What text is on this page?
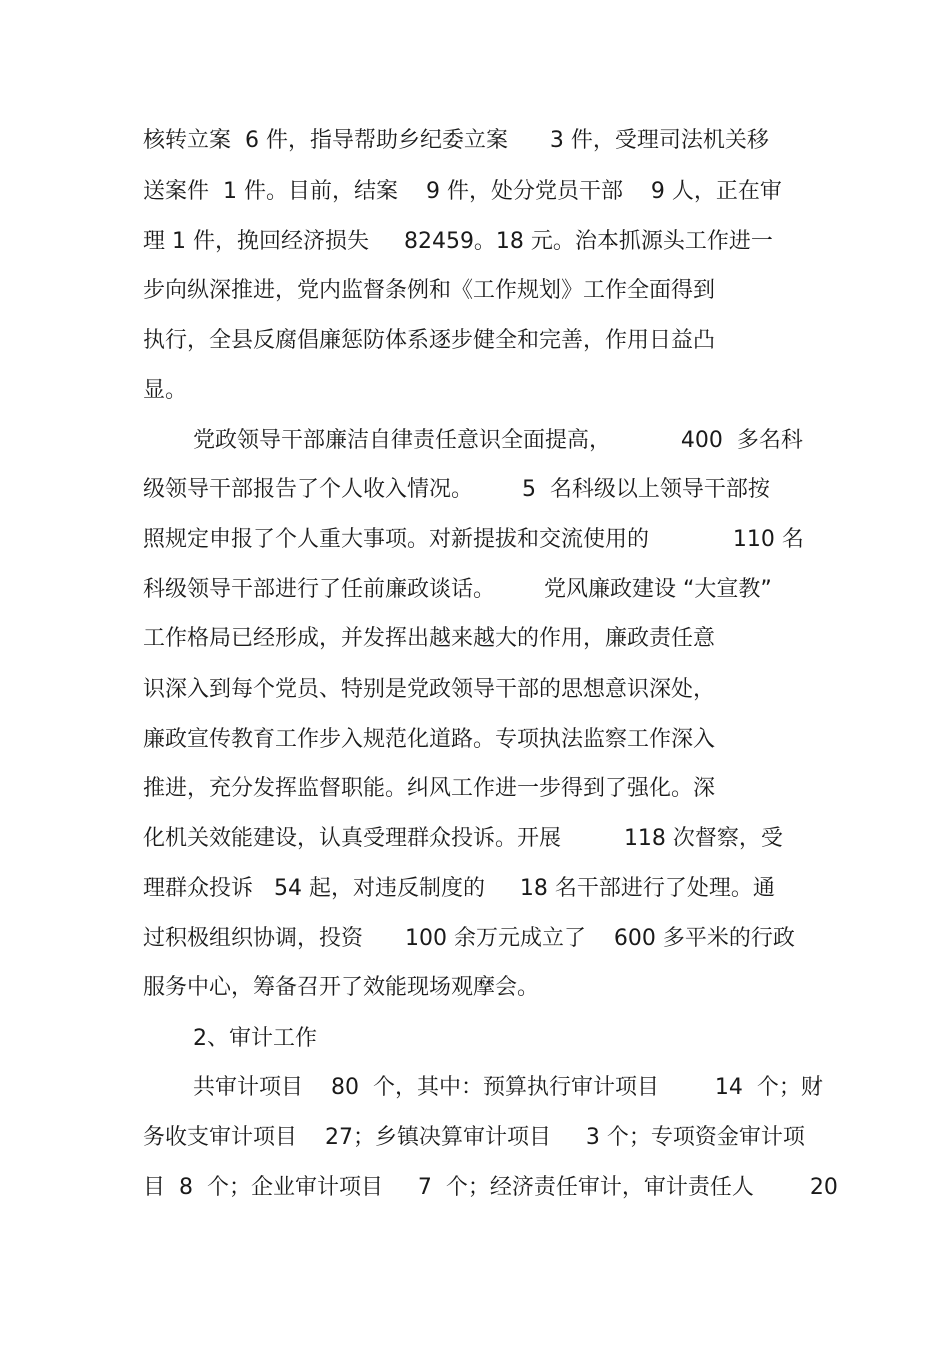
核转立案  6 件，指导帮助乡纪委立案      3 件，受理司法机关移
送案件  1 件。目前，结案    9 件，处分党员干部    9 人，正在审
理 1 件，挽回经济损失     82459。18 元。治本抓源头工作进一
步向纵深推进，党内监督条例和《工作规划》工作全面得到
执行，全县反腐倡廉惩防体系逐步健全和完善，作用日益凸
显。
党政领导干部廉洁自律责任意识全面提高，          400  多名科
级领导干部报告了个人收入情况。       5  名科级以上领导干部按
照规定申报了个人重大事项。对新提拔和交流使用的            110 名
科级领导干部进行了任前廉政谈话。       党风廉政建设 “大宣教”
工作格局已经形成，并发挥出越来越大的作用，廉政责任意
识深入到每个党员、特别是党政领导干部的思想意识深处，
廉政宣传教育工作步入规范化道路。专项执法监察工作深入
推进，充分发挥监督职能。纠风工作进一步得到了强化。深
化机关效能建设，认真受理群众投诉。开展         118 次督察，受
理群众投诉   54 起，对违反制度的     18 名干部进行了处理。通
过积极组织协调，投资      100 余万元成立了    600 多平米的行政
服务中心，筹备召开了效能现场观摩会。
2、审计工作
共审计项目    80  个，其中：预算执行审计项目        14  个；财
务收支审计项目    27；乡镇决算审计项目     3 个；专项资金审计项
目  8  个；企业审计项目     7  个；经济责任审计，审计责任人        20
